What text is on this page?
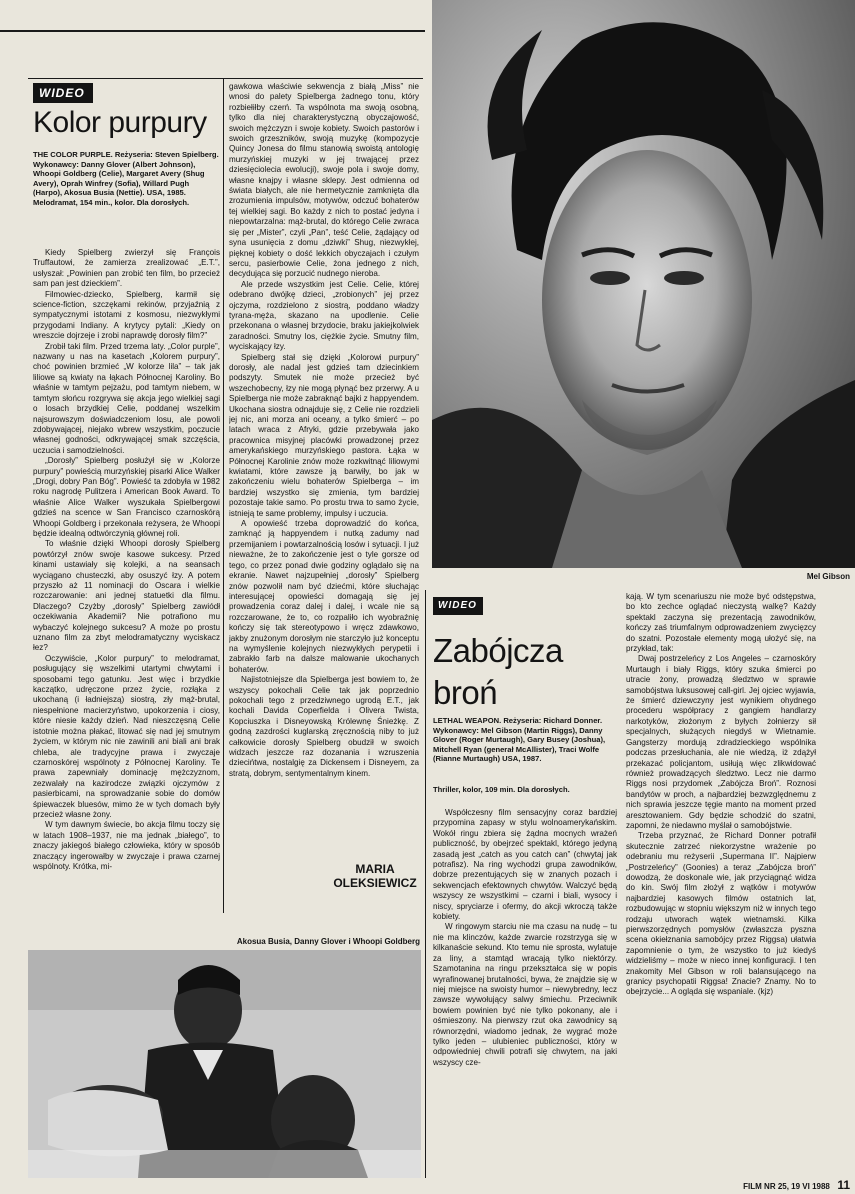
WIDEO
Kolor purpury
THE COLOR PURPLE. Reżyseria: Steven Spielberg. Wykonawcy: Danny Glover (Albert Johnson), Whoopi Goldberg (Celie), Margaret Avery (Shug Avery), Oprah Winfrey (Sofia), Willard Pugh (Harpo), Akosua Busia (Nettie). USA, 1985. Melodramat, 154 min., kolor. Dla dorosłych.

Kiedy Spielberg zwierzył się François Truffautowi, że zamierza zrealizować „E.T.”, usłyszał: „Powinien pan zrobić ten film, bo przecież sam pan jest dzieckiem”.

Filmowiec-dziecko, Spielberg, karmił się science-fiction, szczękami rekinów, przyjaźnią z sympatycznymi istotami z kosmosu, niezwykłymi przygodami Indiany. A krytycy pytali: „Kiedy on wreszcie dojrzeje i zrobi naprawdę dorosły film?”

Zrobił taki film. Przed trzema laty. „Color purple”, nazwany u nas na kasetach „Kolorem purpury”, choć powinien brzmieć „W kolorze lila” – tak jak liliowe są kwiaty na łąkach Północnej Karoliny. Bo właśnie w tamtym pejzażu, pod tamtym niebem, w tamtym słońcu rozgrywa się akcja jego wielkiej sagi o losach brzydkiej Celie, poddanej wszelkim najsurowszym doświadczeniom losu, ale powoli zdobywającej, niejako wbrew wszystkim, poczucie własnej godności, odkrywającej smak szczęścia, uczucia i samodzielności.

„Dorosły” Spielberg posłużył się w „Kolorze purpury” powieścią murzyńskiej pisarki Alice Walker „Drogi, dobry Pan Bóg”. Powieść ta zdobyła w 1982 roku nagrodę Pulitzera i American Book Award. To właśnie Alice Walker wyszukała Spielbergowi gdzieś na scence w San Francisco czarnoskórą Whoopi Goldberg i przekonała reżysera, że Whoopi będzie idealną odtwórczynią głównej roli.

To właśnie dzięki Whoopi dorosły Spielberg powtórzył znów swoje kasowe sukcesy. Przed kinami ustawiały się kolejki, a na seansach wyciągano chusteczki, aby osuszyć łzy. A potem przyszło aż 11 nominacji do Oscara i wielkie rozczarowanie: ani jednej statuetki dla filmu. Dlaczego? Czyżby „dorosły” Spielberg zawiódł oczekiwania Akademii? Nie potrafiono mu wybaczyć kolejnego sukcesu? A może po prostu uznano film za zbyt melodramatyczny wyciskacz łez?

Oczywiście, „Kolor purpury” to melodramat, posługujący się wszelkimi utartymi chwytami i sposobami tego gatunku. Jest więc i brzydkie kaczątko, udręczone przez życie, rozłąka z ukochaną (i ładniejszą) siostrą, zły mąż-brutal, niespełnione macierzyństwo, upokorzenia i ciosy, które niesie każdy dzień. Nad nieszczęsną Celie istotnie można płakać, litować się nad jej smutnym życiem, w którym nic nie zawinili ani biali ani brak chleba, ale tradycyjne prawa i zwyczaje czarnoskórej wspólnoty z Północnej Karoliny. Te prawa zapewniały dominację mężczyznom, zezwalały na kazirodcze związki ojczymów z pasierbicami, na sprowadzanie sobie do domów śpiewaczek bluesów, mimo że w tych domach były przecież własne żony.

W tym dawnym świecie, bo akcja filmu toczy się w latach 1908–1937, nie ma jednak „białego”, to znaczy jakiegoś białego człowieka, który w sposób znaczący ingerowałby w zwyczaje i prawa czarnej wspólnoty. Krótka, mi-

gawkowa właściwie sekwencja z białą „Miss” nie wnosi do palety Spielberga żadnego tonu, który rozbiełiłby czerń. Ta wspólnota ma swoją osobną, tylko dla niej charakterystyczną obyczajowość, swoich mężczyzn i swoje kobiety. Swoich pastorów i swoich grzeszników, swoją muzykę (kompozycje Quincy Jonesa do filmu stanowią swoistą antologię murzyńskiej muzyki w jej trwającej przez dziesięciolecia ewolucji), swoje pola i swoje domy, własne knajpy i własne sklepy. Jest odmienna od świata białych, ale nie hermetycznie zamknięta dla zrozumienia impulsów, motywów, odczuć bohaterów tej wielkiej sagi. Bo każdy z nich to postać jedyna i niepowtarzalna: mąż-brutal, do którego Celie zwraca się per „Mister”, czyli „Pan”, teść Celie, żądający od syna usunięcia z domu „dziwki” Shug, niezwykłej, pięknej kobiety o dość lekkich obyczajach i czułym sercu, pasierbowie Celie, żona jednego z nich, decydująca się porzucić nudnego nieroba.

Ale przede wszystkim jest Celie. Celie, której odebrano dwójkę dzieci, „zrobionych” jej przez ojczyma, rozdzielono z siostrą, poddano władzy tyrana-męża, skazano na upodlenie. Celie przekonana o własnej brzydocie, braku jakiejkolwiek zaradności. Smutny los, ciężkie życie. Smutny film, wyciskający łzy.

Spielberg stał się dzięki „Kolorowi purpury” dorosły, ale nadal jest gdzieś tam dziecinkiem podszyty. Smutek nie może przecież być wszechobecny, łzy nie mogą płynąć bez przerwy. A u Spielberga nie może zabraknąć bajki z happyendem. Ukochana siostra odnajduje się, z Celie nie rozdzieli jej nic, ani morza ani oceany, a tylko śmierć – po latach wraca z Afryki, gdzie przebywała jako pracownica misyjnej placówki prowadzonej przez amerykańskiego murzyńskiego pastora. Łąka w Północnej Karolinie znów może rozkwitnąć liliowymi kwiatami, które zawsze ją barwiły, bo jak w zakończeniu wielu bohaterów Spielberga – im bardziej wszystko się zmienia, tym bardziej pozostaje takie samo. Po prostu trwa to samo życie, istnieją te same problemy, impulsy i uczucia.

A opowieść trzeba doprowadzić do końca, zamknąć ją happyendem i nutką zadumy nad przemijaniem i powtarzalnością losów i sytuacji. I już nieważne, że to zakończenie jest o tyle gorsze od tego, co przez ponad dwie godziny oglądało się na ekranie. Nawet najzupełniej „dorosły” Spielberg znów pozwolił nam być dziećmi, które słuchając interesującej opowieści domagają się jej prowadzenia coraz dalej i dalej, i wcale nie są rozczarowane, że to, co rozpaliło ich wyobraźnię kończy się tak stereotypowo i wręcz zdawkowo, jakby znużonym dorosłym nie starczyło już konceptu na wymyślenie kolejnych niezwykłych perypetii i zabrakło farb na dalsze malowanie ukochanych bohaterów.

Najistotniejsze dla Spielberga jest bowiem to, że wszyscy pokochali Celie tak jak poprzednio pokochali tego z przedziwnego ugrodą E.T., jak kochali Davida Coperfielda i Olivera Twista, Kopciuszka i Disneyowską Królewnę Śnieżkę. Z godną zazdrości kuglarską zręcznością niby to już całkowicie dorosły Spielberg obudził w swoich widzach jeszcze raz dozanania i wzruszenia dziecińtwa, nostalgię za Dickensem i Disneyem, za stratą, dobrym, sentymentalnym kinem.

MARIA
OLEKSIEWICZ
Mel Gibson
Akosua Busia, Danny Glover i Whoopi Goldberg
WIDEO
Zabójcza
broń
LETHAL WEAPON. Reżyseria: Richard Donner. Wykonawcy: Mel Gibson (Martin Riggs), Danny Glover (Roger Murtaugh), Gary Busey (Joshua), Mitchell Ryan (generał McAllister), Traci Wolfe (Rianne Murtaugh) USA, 1987.
Thriller, kolor, 109 min. Dla dorosłych.

Współczesny film sensacyjny coraz bardziej przypomina zapasy w stylu wolnoamerykańskim. Wokół ringu zbiera się żądna mocnych wrażeń publiczność, by obejrzeć spektakl, którego jedyną zasadą jest „catch as you catch can” (chwytaj jak potrafisz). Na ring wychodzi grupa zawodników, dobrze prezentujących się w znanych pozach i sekwencjach efektownych chwytów. Walczyć będą wszyscy ze wszystkimi – czarni i biali, wysocy i niscy, spryciarze i ofermy, do akcji wkroczą także kobiety.

W ringowym starciu nie ma czasu na nudę – tu nie ma klinczów, każde zwarcie rozstrzyga się w kilkanaście sekund. Kto temu nie sprosta, wylatuje za liny, a stamtąd wracają tylko niektórzy. Szamotanina na ringu przekształca się w popis wyrafinowanej brutalności, bywa, że znajdzie się w niej miejsce na swoisty humor – niewybredny, lecz zawsze wywołujący salwy śmiechu. Przeciwnik bowiem powinien być nie tylko pokonany, ale i ośmieszony. Na pierwszy rzut oka zawodnicy są równorzędni, wiadomo jednak, że wygrać może tylko jeden – ulubieniec publiczności, który w odpowiedniej chwili potrafi się chwytem, na jaki wszyscy cze-

kają. W tym scenariuszu nie może być odstępstwa, bo kto zechce oglądać nieczystą walkę? Każdy spektakl zaczyna się prezentacją zawodników, kończy zaś triumfalnym odprowadzeniem zwycięzcy do szatni. Pozostałe elementy mogą ułożyć się, na przykład, tak:

Dwaj postrzeleńcy z Los Angeles – czarnoskóry Murtaugh i biały Riggs, który szuka śmierci po utracie żony, prowadzą śledztwo w sprawie samobójstwa luksusowej call-girl. Jej ojciec wyjawia, że śmierć dziewczyny jest wynikiem ohydnego procederu współpracy z gangiem handlarzy narkotyków, złożonym z byłych żołnierzy sił specjalnych, służących niegdyś w Wietnamie. Gangsterzy mordują zdradzieckiego wspólnika podczas przesłuchania, ale nie wiedzą, iż zdążył przekazać policjantom, usiłują więc zlikwidować również prowadzących śledztwo. Lecz nie darmo Riggs nosi przydomek „Zabójcza Broń”. Roznosi bandytów w proch, a najbardziej bezwzględnemu z nich sprawia jeszcze tęgie manto na moment przed aresztowaniem. Gdy będzie schodzić do szatni, zapomni, że niedawno myślał o samobójstwie.

Trzeba przyznać, że Richard Donner potrafił skutecznie zatrzeć niekorzystne wrażenie po odebraniu mu reżyserii „Supermana II”. Najpierw „Postrzeleńcy” (Goonies) a teraz „Zabójcza broń” dowodzą, że doskonale wie, jak przyciągnąć widza do kin. Swój film złożył z wątków i motywów najbardziej kasowych filmów ostatnich lat, rozbudowując w stopniu większym niż w innych tego rodzaju utworach wątek wietnamski. Kilka pierwszorzędnych pomysłów (zwłaszcza pyszna scena okiełznania samobójcy przez Riggsa) ułatwia zapomnienie o tym, że wszystko to już kiedyś widzieliśmy – może w nieco innej konfiguracji. I ten znakomity Mel Gibson w roli balansującego na granicy psychopatii Riggsa! Znacie? Znamy. No to obejrzycie... A ogląda się wspaniale. (kjz)

FILM NR 25, 19 VI 1988 11
